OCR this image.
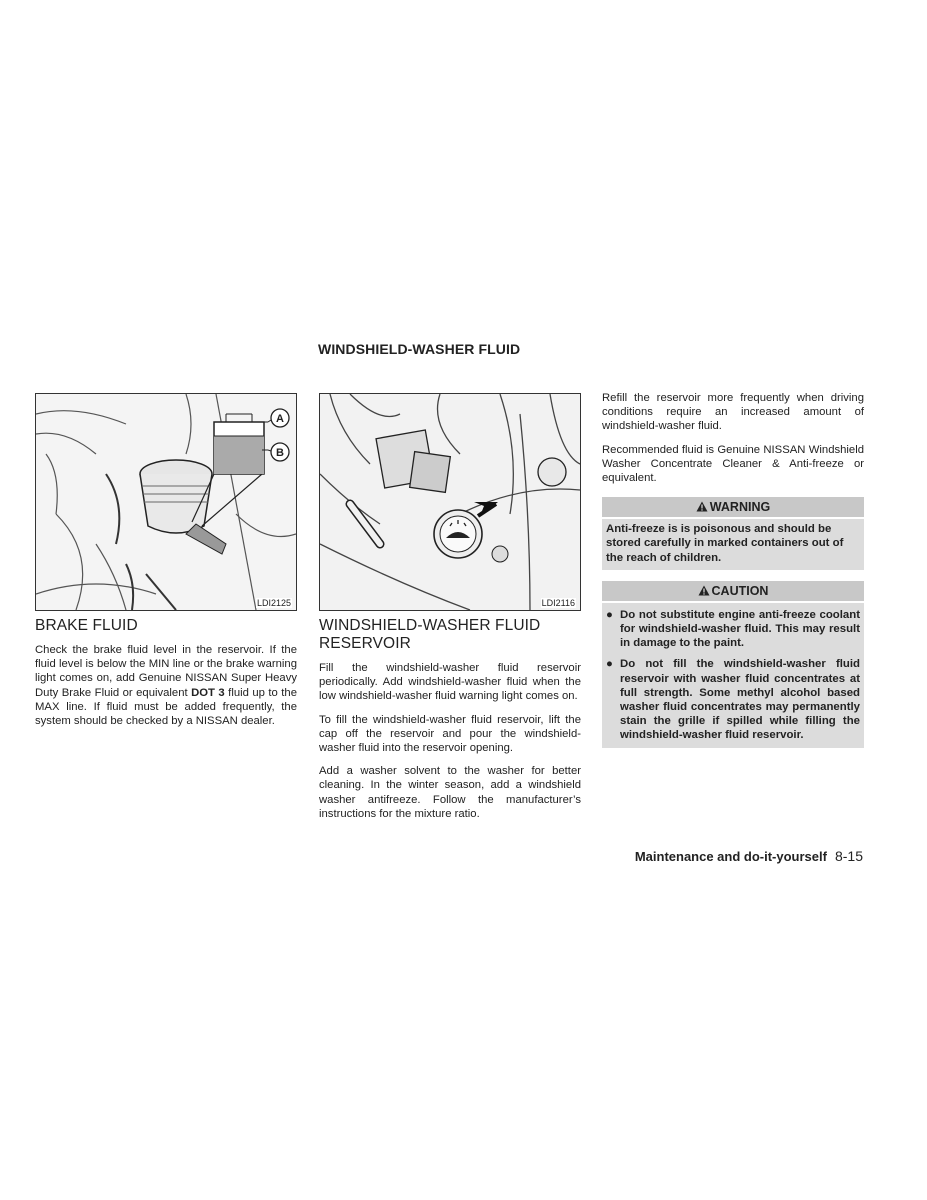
WINDSHIELD-WASHER FLUID
A
B
LDI2125
BRAKE FLUID

Check the brake fluid level in the reservoir. If the fluid level is below the MIN line or the brake warning light comes on, add Genuine NISSAN Super Heavy Duty Brake Fluid or equivalent DOT 3 fluid up to the MAX line. If fluid must be added frequently, the system should be checked by a NISSAN dealer.

LDI2116
WINDSHIELD-WASHER FLUID RESERVOIR

Fill the windshield-washer fluid reservoir periodically. Add windshield-washer fluid when the low windshield-washer fluid warning light comes on.

To fill the windshield-washer fluid reservoir, lift the cap off the reservoir and pour the windshield-washer fluid into the reservoir opening.

Add a washer solvent to the washer for better cleaning. In the winter season, add a windshield washer antifreeze. Follow the manufacturer’s instructions for the mixture ratio.

Refill the reservoir more frequently when driving conditions require an increased amount of windshield-washer fluid.

Recommended fluid is Genuine NISSAN Windshield Washer Concentrate Cleaner & Anti-freeze or equivalent.

WARNING
Anti-freeze is is poisonous and should be stored carefully in marked containers out of the reach of children.
CAUTION
● Do not substitute engine anti-freeze coolant for windshield-washer fluid. This may result in damage to the paint.
● Do not fill the windshield-washer fluid reservoir with washer fluid concentrates at full strength. Some methyl alcohol based washer fluid concentrates may permanently stain the grille if spilled while filling the windshield-washer fluid reservoir.
Maintenance and do-it-yourself 8-15
